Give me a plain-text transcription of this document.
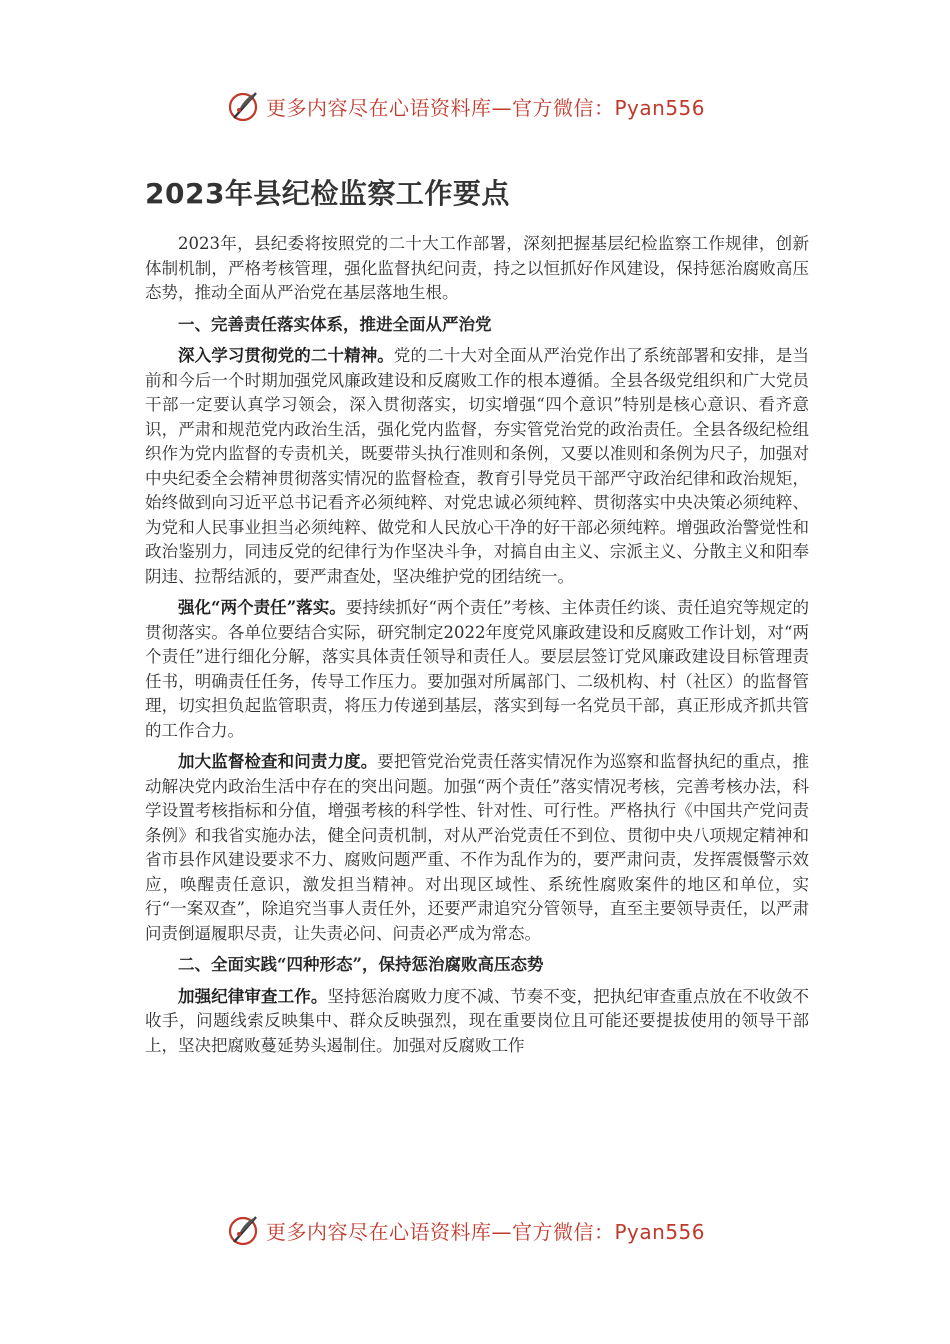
更多内容尽在心语资料库—官方微信：Pyan556
2023年县纪检监察工作要点

2023年，县纪委将按照党的二十大工作部署，深刻把握基层纪检监察工作规律，创新体制机制，严格考核管理，强化监督执纪问责，持之以恒抓好作风建设，保持惩治腐败高压态势，推动全面从严治党在基层落地生根。

一、完善责任落实体系，推进全面从严治党

深入学习贯彻党的二十精神。党的二十大对全面从严治党作出了系统部署和安排，是当前和今后一个时期加强党风廉政建设和反腐败工作的根本遵循。全县各级党组织和广大党员干部一定要认真学习领会，深入贯彻落实，切实增强“四个意识”特别是核心意识、看齐意识，严肃和规范党内政治生活，强化党内监督，夯实管党治党的政治责任。全县各级纪检组织作为党内监督的专责机关，既要带头执行准则和条例，又要以准则和条例为尺子，加强对中央纪委全会精神贯彻落实情况的监督检查，教育引导党员干部严守政治纪律和政治规矩，始终做到向习近平总书记看齐必须纯粹、对党忠诚必须纯粹、贯彻落实中央决策必须纯粹、为党和人民事业担当必须纯粹、做党和人民放心干净的好干部必须纯粹。增强政治警觉性和政治鉴别力，同违反党的纪律行为作坚决斗争，对搞自由主义、宗派主义、分散主义和阳奉阴违、拉帮结派的，要严肃查处，坚决维护党的团结统一。

强化“两个责任”落实。要持续抓好“两个责任”考核、主体责任约谈、责任追究等规定的贯彻落实。各单位要结合实际，研究制定2022年度党风廉政建设和反腐败工作计划，对“两个责任”进行细化分解，落实具体责任领导和责任人。要层层签订党风廉政建设目标管理责任书，明确责任任务，传导工作压力。要加强对所属部门、二级机构、村（社区）的监督管理，切实担负起监管职责，将压力传递到基层，落实到每一名党员干部，真正形成齐抓共管的工作合力。

加大监督检查和问责力度。要把管党治党责任落实情况作为巡察和监督执纪的重点，推动解决党内政治生活中存在的突出问题。加强“两个责任”落实情况考核，完善考核办法，科学设置考核指标和分值，增强考核的科学性、针对性、可行性。严格执行《中国共产党问责条例》和我省实施办法，健全问责机制，对从严治党责任不到位、贯彻中央八项规定精神和省市县作风建设要求不力、腐败问题严重、不作为乱作为的，要严肃问责，发挥震慑警示效应，唤醒责任意识，激发担当精神。对出现区域性、系统性腐败案件的地区和单位，实行“一案双查”，除追究当事人责任外，还要严肃追究分管领导，直至主要领导责任，以严肃问责倒逼履职尽责，让失责必问、问责必严成为常态。

二、全面实践“四种形态”，保持惩治腐败高压态势

加强纪律审查工作。坚持惩治腐败力度不减、节奏不变，把执纪审查重点放在不收敛不收手，问题线索反映集中、群众反映强烈，现在重要岗位且可能还要提拔使用的领导干部上，坚决把腐败蔓延势头遏制住。加强对反腐败工作

更多内容尽在心语资料库—官方微信：Pyan556
